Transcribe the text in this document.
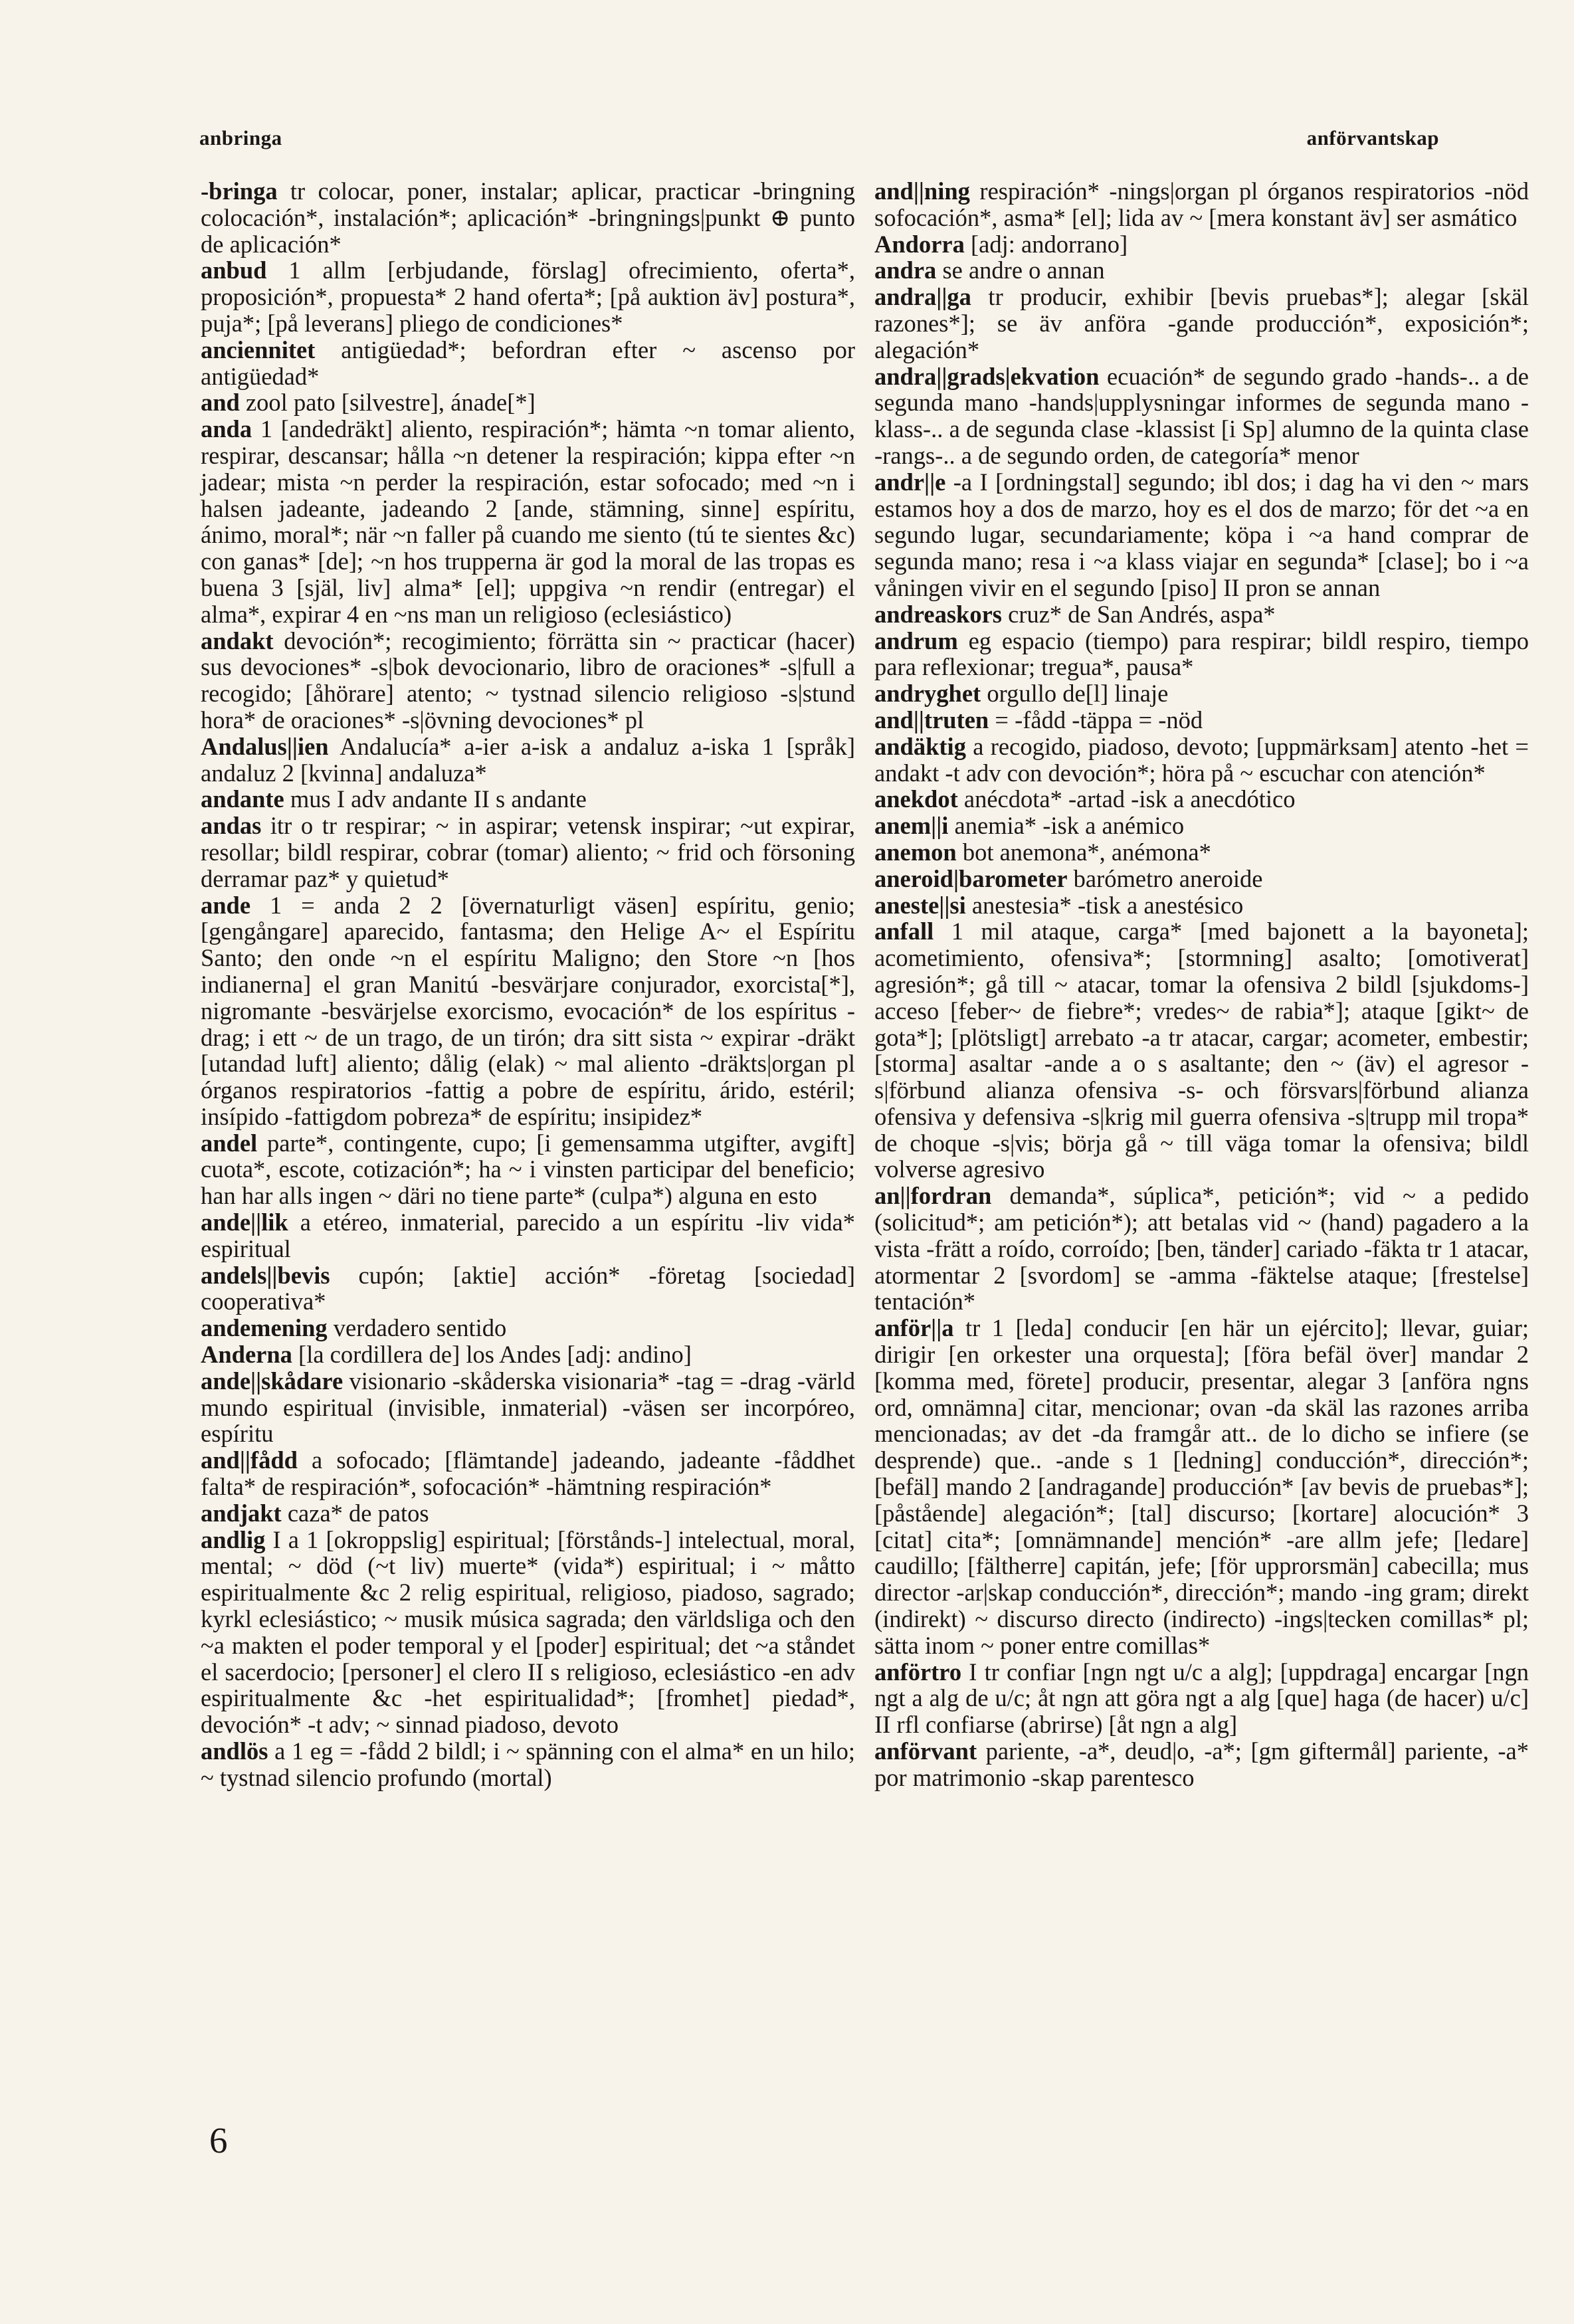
anbringa	anförvantskap

-bringa tr colocar, poner, instalar; aplicar, practicar -bringning colocación*, instalación*; aplicación* -bringnings|punkt ⊕ punto de aplicación*

anbud 1 allm [erbjudande, förslag] ofrecimiento, oferta*, proposición*, propuesta* 2 hand oferta*; [på auktion äv] postura*, puja*; [på leverans] pliego de condiciones*

anciennitet antigüedad*; befordran efter ~ ascenso por antigüedad*

and zool pato [silvestre], ánade[*]

anda 1 [andedräkt] aliento, respiración*; hämta ~n tomar aliento, respirar, descansar; hålla ~n detener la respiración; kippa efter ~n jadear; mista ~n perder la respiración, estar sofocado; med ~n i halsen jadeante, jadeando 2 [ande, stämning, sinne] espíritu, ánimo, moral*; när ~n faller på cuando me siento (tú te sientes &c) con ganas* [de]; ~n hos trupperna är god la moral de las tropas es buena 3 [själ, liv] alma* [el]; uppgiva ~n rendir (entregar) el alma*, expirar 4 en ~ns man un religioso (eclesiástico)

andakt devoción*; recogimiento; förrätta sin ~ practicar (hacer) sus devociones* -s|bok devocionario, libro de oraciones* -s|full a recogido; [åhörare] atento; ~ tystnad silencio religioso -s|stund hora* de oraciones* -s|övning devociones* pl

Andalus||ien Andalucía* a-ier a-isk a andaluz a-iska 1 [språk] andaluz 2 [kvinna] andaluza*

andante mus I adv andante II s andante

andas itr o tr respirar; ~ in aspirar; vetensk inspirar; ~ut expirar, resollar; bildl respirar, cobrar (tomar) aliento; ~ frid och försoning derramar paz* y quietud*

ande 1 = anda 2 2 [övernaturligt väsen] espíritu, genio; [gengångare] aparecido, fantasma; den Helige A~ el Espíritu Santo; den onde ~n el espíritu Maligno; den Store ~n [hos indianerna] el gran Manitú -besvärjare conjurador, exorcista[*], nigromante -besvärjelse exorcismo, evocación* de los espíritus -drag; i ett ~ de un trago, de un tirón; dra sitt sista ~ expirar -dräkt [utandad luft] aliento; dålig (elak) ~ mal aliento -dräkts|organ pl órganos respiratorios -fattig a pobre de espíritu, árido, estéril; insípido -fattigdom pobreza* de espíritu; insipidez*

andel parte*, contingente, cupo; [i gemensamma utgifter, avgift] cuota*, escote, cotización*; ha ~ i vinsten participar del beneficio; han har alls ingen ~ däri no tiene parte* (culpa*) alguna en esto

ande||lik a etéreo, inmaterial, parecido a un espíritu -liv vida* espiritual

andels||bevis cupón; [aktie] acción* -företag [sociedad] cooperativa*

andemening verdadero sentido

Anderna [la cordillera de] los Andes [adj: andino]

ande||skådare visionario -skåderska visionaria* -tag = -drag -värld mundo espiritual (invisible, inmaterial) -väsen ser incorpóreo, espíritu

and||fådd a sofocado; [flämtande] jadeando, jadeante -fåddhet falta* de respiración*, sofocación* -hämtning respiración*

andjakt caza* de patos

andlig I a 1 [okroppslig] espiritual; [förstånds-] intelectual, moral, mental; ~ död (~t liv) muerte* (vida*) espiritual; i ~ måtto espiritualmente &c 2 relig espiritual, religioso, piadoso, sagrado; kyrkl eclesiástico; ~ musik música sagrada; den världsliga och den ~a makten el poder temporal y el [poder] espiritual; det ~a ståndet el sacerdocio; [personer] el clero II s religioso, eclesiástico -en adv espiritualmente &c -het espiritualidad*; [fromhet] piedad*, devoción* -t adv; ~ sinnad piadoso, devoto

andlös a 1 eg = -fådd 2 bildl; i ~ spänning con el alma* en un hilo; ~ tystnad silencio profundo (mortal)

and||ning respiración* -nings|organ pl órganos respiratorios -nöd sofocación*, asma* [el]; lida av ~ [mera konstant äv] ser asmático

Andorra [adj: andorrano]

andra se andre o annan

andra||ga tr producir, exhibir [bevis pruebas*]; alegar [skäl razones*]; se äv anföra -gande producción*, exposición*; alegación*

andra||grads|ekvation ecuación* de segundo grado -hands-.. a de segunda mano -hands|upplysningar informes de segunda mano -klass-.. a de segunda clase -klassist [i Sp] alumno de la quinta clase -rangs-.. a de segundo orden, de categoría* menor

andr||e -a I [ordningstal] segundo; ibl dos; i dag ha vi den ~ mars estamos hoy a dos de marzo, hoy es el dos de marzo; för det ~a en segundo lugar, secundariamente; köpa i ~a hand comprar de segunda mano; resa i ~a klass viajar en segunda* [clase]; bo i ~a våningen vivir en el segundo [piso] II pron se annan

andreaskors cruz* de San Andrés, aspa*

andrum eg espacio (tiempo) para respirar; bildl respiro, tiempo para reflexionar; tregua*, pausa*

andryghet orgullo de[l] linaje

and||truten = -fådd -täppa = -nöd

andäktig a recogido, piadoso, devoto; [uppmärksam] atento -het = andakt -t adv con devoción*; höra på ~ escuchar con atención*

anekdot anécdota* -artad -isk a anecdótico

anem||i anemia* -isk a anémico

anemon bot anemona*, anémona*

aneroid|barometer barómetro aneroide

aneste||si anestesia* -tisk a anestésico

anfall 1 mil ataque, carga* [med bajonett a la bayoneta]; acometimiento, ofensiva*; [stormning] asalto; [omotiverat] agresión*; gå till ~ atacar, tomar la ofensiva 2 bildl [sjukdoms-] acceso [feber~ de fiebre*; vredes~ de rabia*]; ataque [gikt~ de gota*]; [plötsligt] arrebato -a tr atacar, cargar; acometer, embestir; [storma] asaltar -ande a o s asaltante; den ~ (äv) el agresor -s|förbund alianza ofensiva -s- och försvars|förbund alianza ofensiva y defensiva -s|krig mil guerra ofensiva -s|trupp mil tropa* de choque -s|vis; börja gå ~ till väga tomar la ofensiva; bildl volverse agresivo

an||fordran demanda*, súplica*, petición*; vid ~ a pedido (solicitud*; am petición*); att betalas vid ~ (hand) pagadero a la vista -frätt a roído, corroído; [ben, tänder] cariado -fäkta tr 1 atacar, atormentar 2 [svordom] se -amma -fäktelse ataque; [frestelse] tentación*

anför||a tr 1 [leda] conducir [en här un ejército]; llevar, guiar; dirigir [en orkester una orquesta]; [föra befäl över] mandar 2 [komma med, förete] producir, presentar, alegar 3 [anföra ngns ord, omnämna] citar, mencionar; ovan -da skäl las razones arriba mencionadas; av det -da framgår att.. de lo dicho se infiere (se desprende) que.. -ande s 1 [ledning] conducción*, dirección*; [befäl] mando 2 [andragande] producción* [av bevis de pruebas*]; [påstående] alegación*; [tal] discurso; [kortare] alocución* 3 [citat] cita*; [omnämnande] mención* -are allm jefe; [ledare] caudillo; [fältherre] capitán, jefe; [för upprorsmän] cabecilla; mus director -ar|skap conducción*, dirección*; mando -ing gram; direkt (indirekt) ~ discurso directo (indirecto) -ings|tecken comillas* pl; sätta inom ~ poner entre comillas*

anförtro I tr confiar [ngn ngt u/c a alg]; [uppdraga] encargar [ngn ngt a alg de u/c; åt ngn att göra ngt a alg [que] haga (de hacer) u/c] II rfl confiarse (abrirse) [åt ngn a alg]

anförvant pariente, -a*, deud|o, -a*; [gm giftermål] pariente, -a* por matrimonio -skap parentesco

6
